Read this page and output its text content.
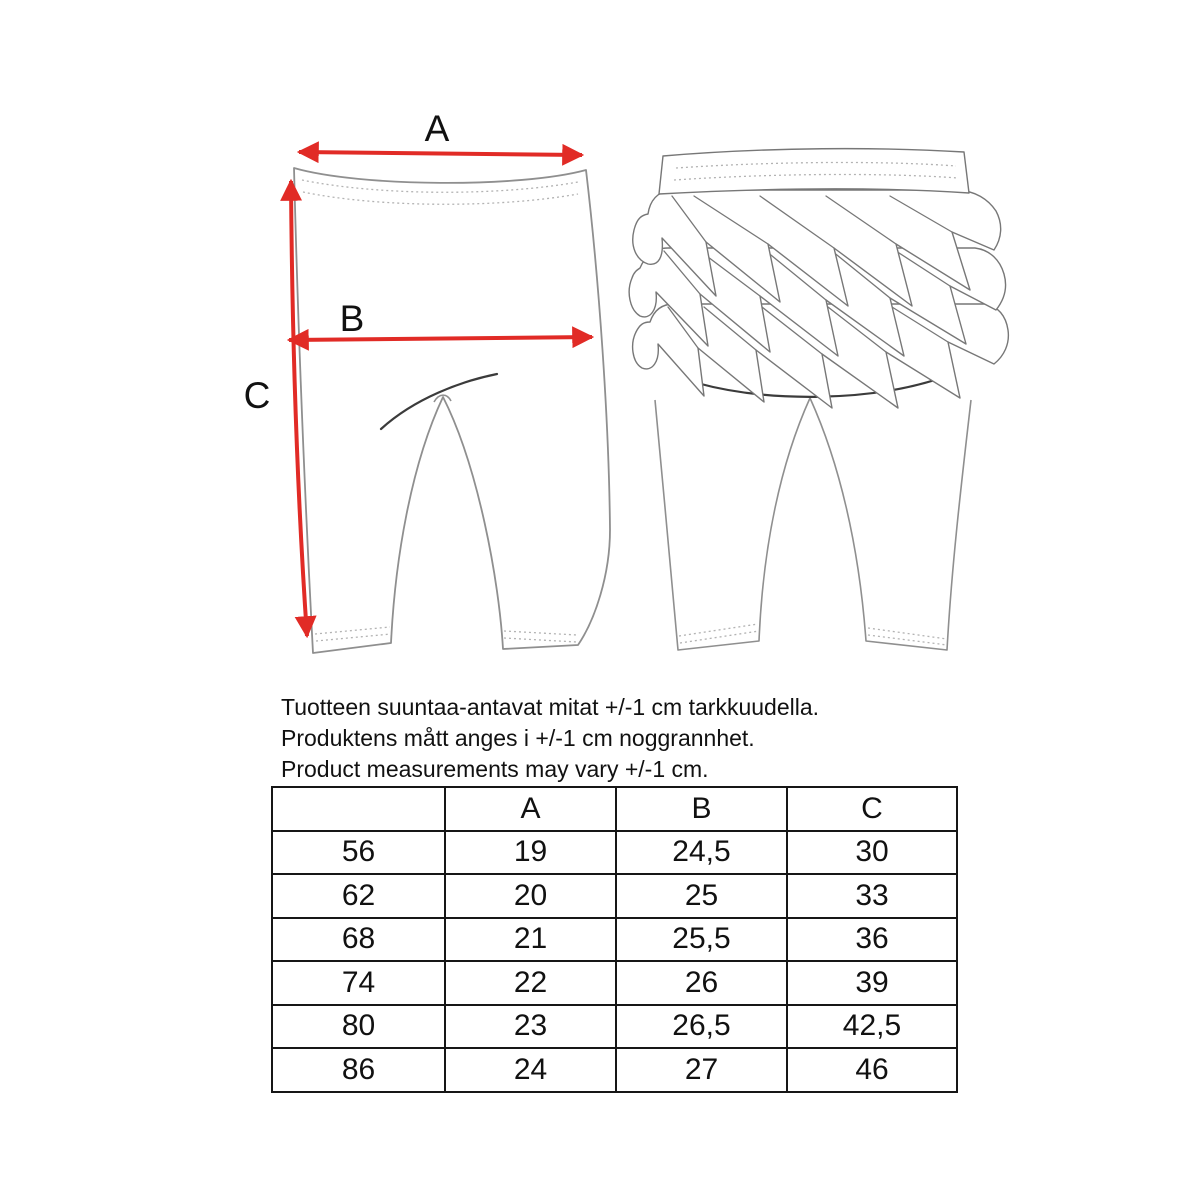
A
B
C
Tuotteen suuntaa-antavat mitat +/-1 cm tarkkuudella.
Produktens mått anges i +/-1 cm noggrannhet.
Product measurements may vary +/-1 cm.
	A	B	C
56	19	24,5	30
62	20	25	33
68	21	25,5	36
74	22	26	39
80	23	26,5	42,5
86	24	27	46
